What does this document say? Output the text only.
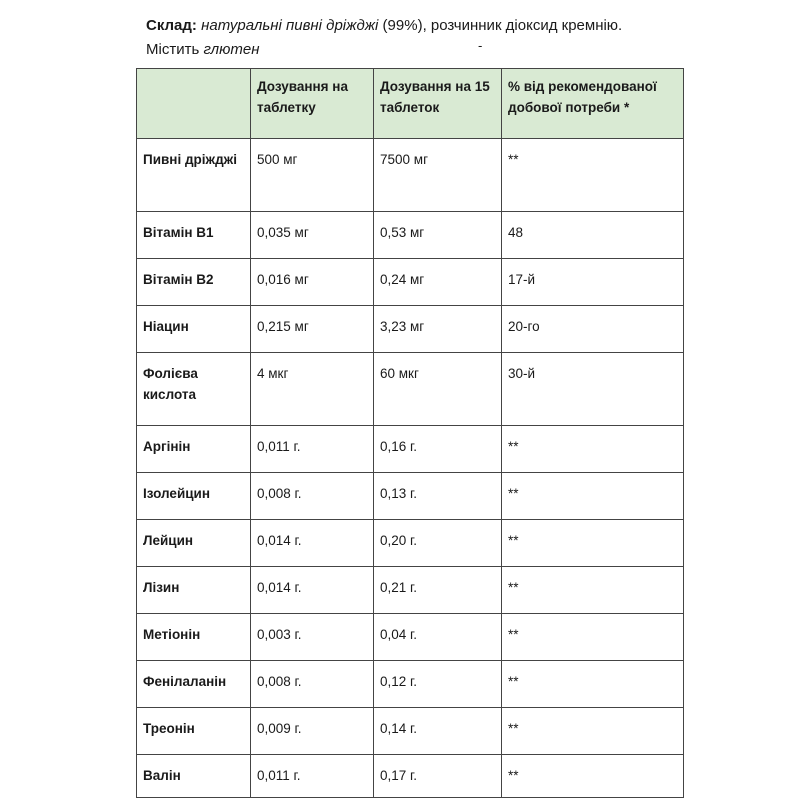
Склад: натуральні пивні дріжджі (99%), розчинник діоксид кремнію.
Містить глютен	-
	Дозування на таблетку	Дозування на 15 таблеток	% від рекомендованої добової потреби *
Пивні дріжджі	500 мг	7500 мг	**
Вітамін В1	0,035 мг	0,53 мг	48
Вітамін В2	0,016 мг	0,24 мг	17-й
Ніацин	0,215 мг	3,23 мг	20-го
Фолієва кислота	4 мкг	60 мкг	30-й
Аргінін	0,011 г.	0,16 г.	**
Ізолейцин	0,008 г.	0,13 г.	**
Лейцин	0,014 г.	0,20 г.	**
Лізин	0,014 г.	0,21 г.	**
Метіонін	0,003 г.	0,04 г.	**
Фенілаланін	0,008 г.	0,12 г.	**
Треонін	0,009 г.	0,14 г.	**
Валін	0,011 г.	0,17 г.	**
